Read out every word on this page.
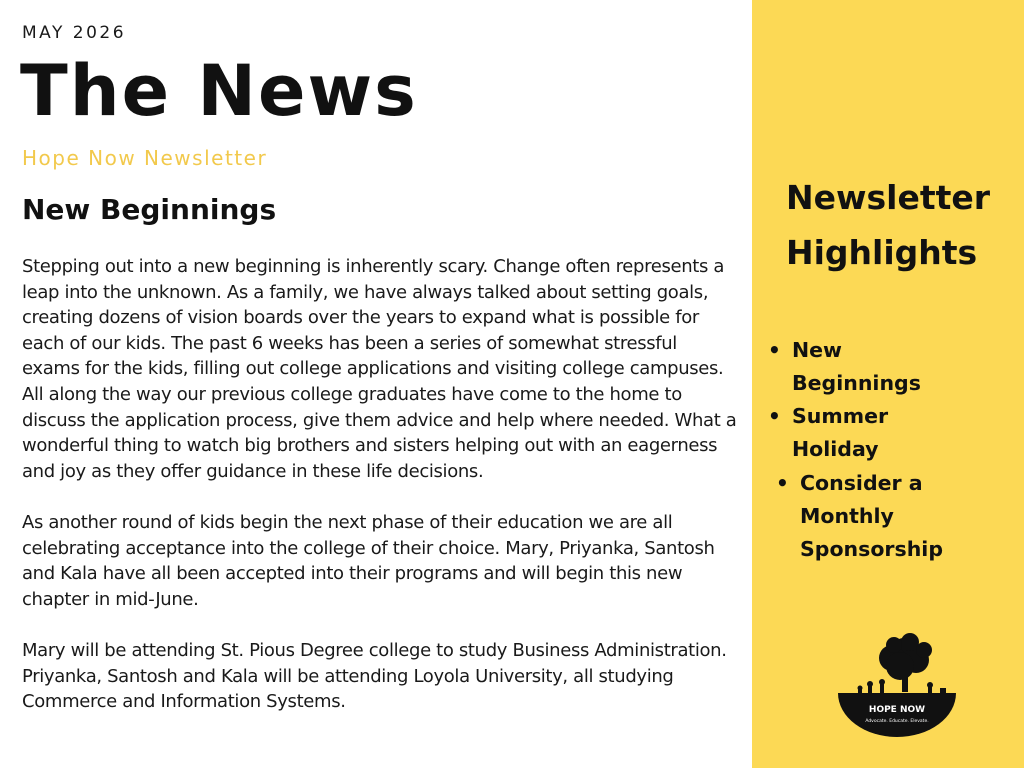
MAY 2026
The News
Hope Now Newsletter
New Beginnings

Stepping out into a new beginning is inherently scary. Change often represents a leap into the unknown. As a family, we have always talked about setting goals, creating dozens of vision boards over the years to expand what is possible for each of our kids. The past 6 weeks has been a series of somewhat stressful exams for the kids, filling out college applications and visiting college campuses. All along the way our previous college graduates have come to the home to discuss the application process, give them advice and help where needed. What a wonderful thing to watch big brothers and sisters helping out with an eagerness and joy as they offer guidance in these life decisions.

As another round of kids begin the next phase of their education we are all celebrating acceptance into the college of their choice. Mary, Priyanka, Santosh and Kala have all been accepted into their programs and will begin this new chapter in mid-June.

Mary will be attending St. Pious Degree college to study Business Administration. Priyanka, Santosh and Kala will be attending Loyola University, all studying Commerce and Information Systems.

Newsletter
Highlights
• New Beginnings
• Summer Holiday
• Consider a Monthly Sponsorship
HOPE NOW
Advocate. Educate. Elevate.
